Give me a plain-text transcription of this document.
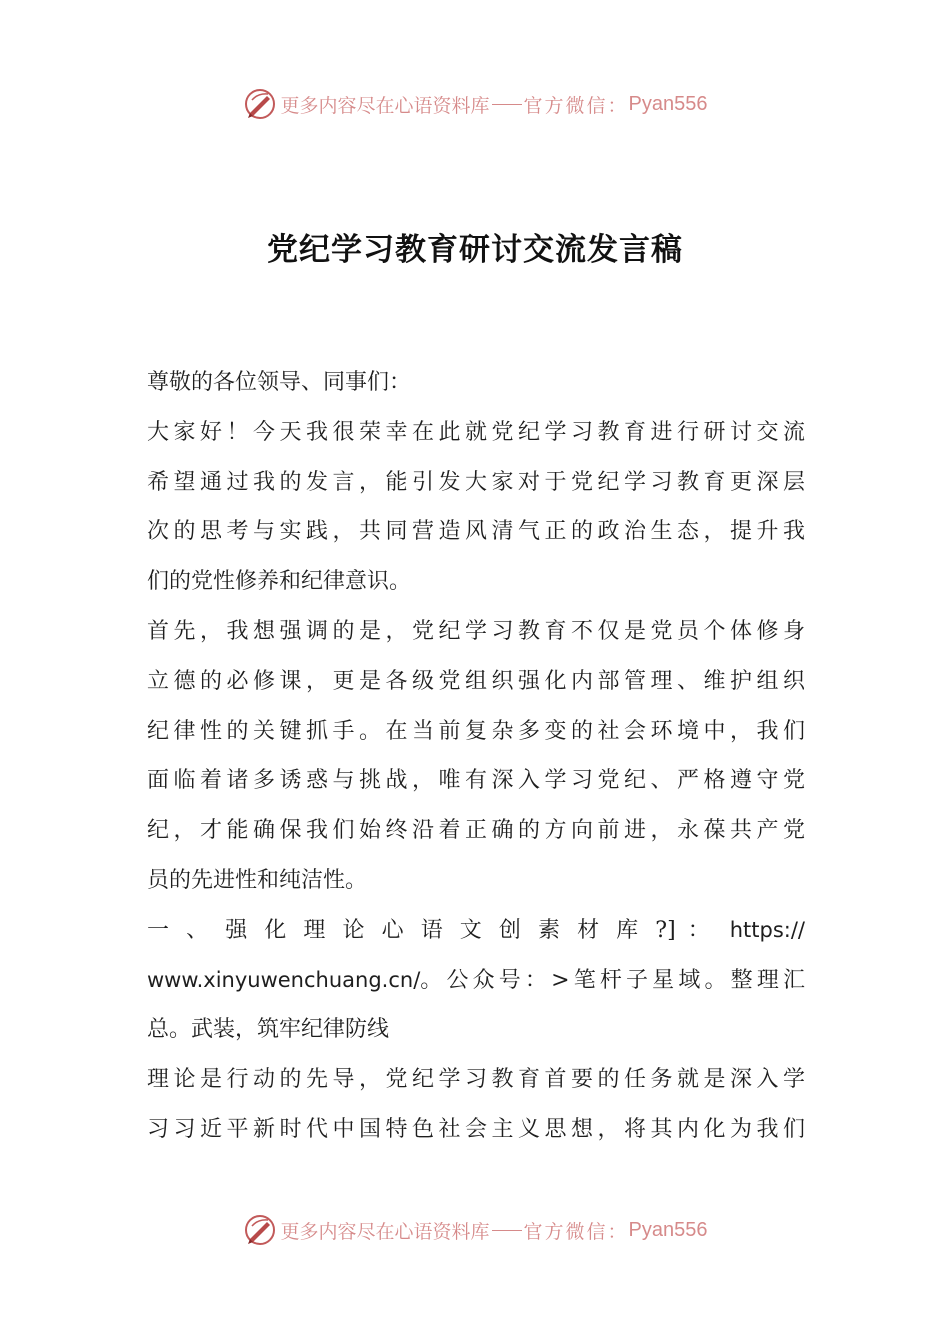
更多内容尽在心语资料库 官方微信： Pyan556
党纪学习教育研讨交流发言稿
尊敬的各位领导、同事们：
大家好！今天我很荣幸在此就党纪学习教育进行研讨交流
希望通过我的发言，能引发大家对于党纪学习教育更深层
次的思考与实践，共同营造风清气正的政治生态，提升我
们的党性修养和纪律意识。
首先，我想强调的是，党纪学习教育不仅是党员个体修身
立德的必修课，更是各级党组织强化内部管理、维护组织
纪律性的关键抓手。在当前复杂多变的社会环境中，我们
面临着诸多诱惑与挑战，唯有深入学习党纪、严格遵守党
纪，才能确保我们始终沿着正确的方向前进，永葆共产党
员的先进性和纯洁性。
一 、 强 化 理 论 心 语 文 创 素 材 库 ?] ： https://
www.xinyuwenchuang.cn/ 。公众号：>笔杆子星域。整理汇
总。武装，筑牢纪律防线
理论是行动的先导，党纪学习教育首要的任务就是深入学
习习近平新时代中国特色社会主义思想，将其内化为我们
更多内容尽在心语资料库 官方微信： Pyan556
